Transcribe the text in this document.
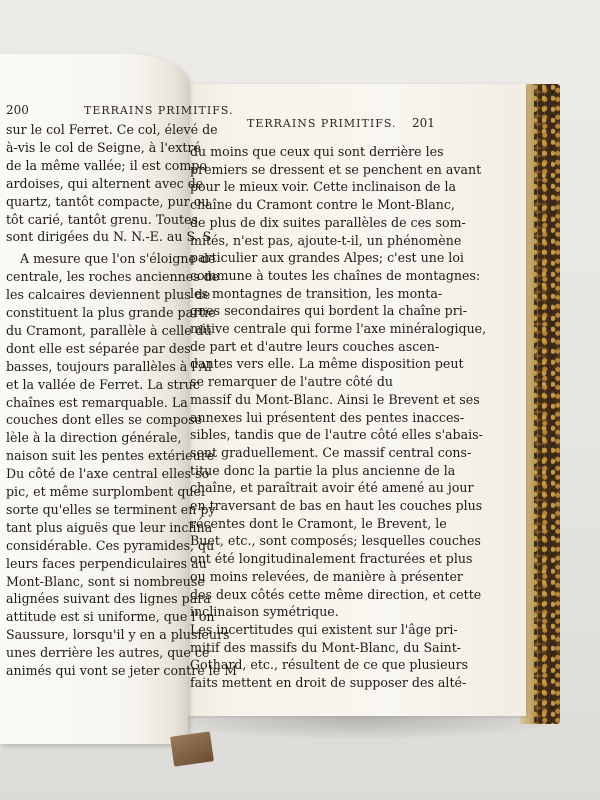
TERRAINS PRIMITIFS. 201
du moins que ceux qui sont derrière les
premiers se dressent et se penchent en avant
pour le mieux voir. Cette inclinaison de la
chaîne du Cramont contre le Mont-Blanc,
de plus de dix suites parallèles de ces som-
mités, n'est pas, ajoute-t-il, un phénomène
particulier aux grandes Alpes; c'est une loi
commune à toutes les chaînes de montagnes:
les montagnes de transition, les monta-
gnes secondaires qui bordent la chaîne pri-
mitive centrale qui forme l'axe minéralogique,
de part et d'autre leurs couches ascen-
dantes vers elle. La même disposition peut
se remarquer de l'autre côté du
massif du Mont-Blanc. Ainsi le Brevent et ses
annexes lui présentent des pentes inacces-
sibles, tandis que de l'autre côté elles s'abais-
sent graduellement. Ce massif central cons-
titue donc la partie la plus ancienne de la
chaîne, et paraîtrait avoir été amené au jour
en traversant de bas en haut les couches plus
récentes dont le Cramont, le Brevent, le
Buet, etc., sont composés; lesquelles couches
ont été longitudinalement fracturées et plus
ou moins relevées, de manière à présenter
des deux côtés cette même direction, et cette
inclinaison symétrique.
Les incertitudes qui existent sur l'âge pri-
mitif des massifs du Mont-Blanc, du Saint-
Gothard, etc., résultent de ce que plusieurs
faits mettent en droit de supposer des alté-
TERRAINS PRIMITIFS.
200
sur le col Ferret. Ce col, élevé de
à-vis le col de Seigne, à l'extré
de la même vallée; il est compo
ardoises, qui alternent avec de
quartz, tantôt compacte, pur ou
tôt carié, tantôt grenu. Toutes
sont dirigées du N. N.-E. au S. S
A mesure que l'on s'éloigne de
centrale, les roches anciennes de
les calcaires deviennent plus de
constituent la plus grande partie
du Cramont, parallèle à celle du
dont elle est séparée par des
basses, toujours parallèles à l'Al
et la vallée de Ferret. La struc
chaînes est remarquable. La
couches dont elles se compose
lèle à la direction générale,
naison suit les pentes extérieure
Du côté de l'axe central elles so
pic, et même surplombent quel
sorte qu'elles se terminent en py
tant plus aiguës que leur inclina
considérable. Ces pyramides, qu
leurs faces perpendiculaires au
Mont-Blanc, sont si nombreuse
alignées suivant des lignes para
attitude est si uniforme, que l'on
Saussure, lorsqu'il y en a plusieurs
unes derrière les autres, que ce
animés qui vont se jeter contre le M
